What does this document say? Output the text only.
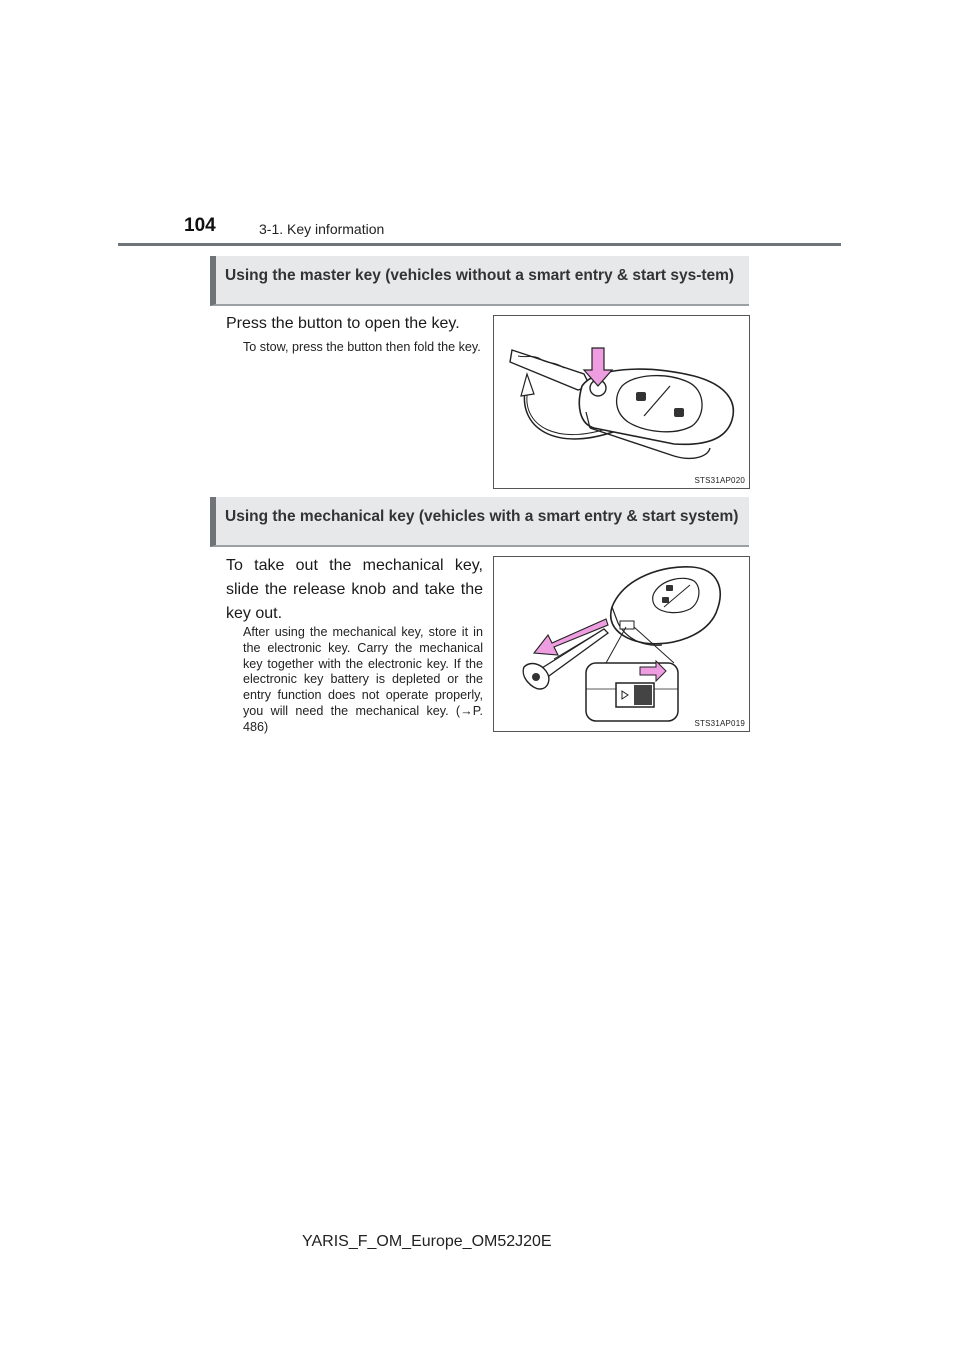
104	3-1. Key information
Using the master key (vehicles without a smart entry & start sys-tem)
Press the button to open the key.
To stow, press the button then fold the key.
STS31AP020
Using the mechanical key (vehicles with a smart entry & start system)
To take out the mechanical key, slide the release knob and take the key out.
After using the mechanical key, store it in the electronic key. Carry the mechanical key together with the electronic key. If the electronic key battery is depleted or the entry function does not operate properly, you will need the mechanical key. (→P. 486)	STS31AP019
YARIS_F_OM_Europe_OM52J20E
